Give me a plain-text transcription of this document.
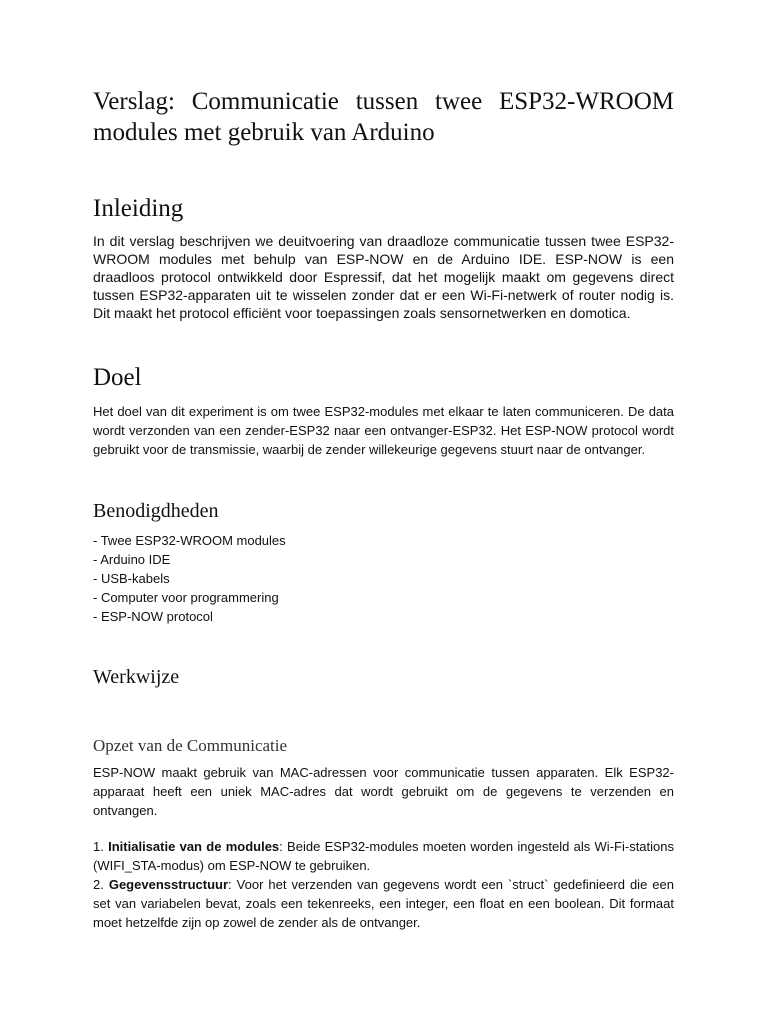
Verslag: Communicatie tussen twee ESP32-WROOM
modules met gebruik van Arduino
Inleiding

In dit verslag beschrijven we deuitvoering van draadloze communicatie tussen twee ESP32-WROOM modules met behulp van ESP-NOW en de Arduino IDE. ESP-NOW is een draadloos protocol ontwikkeld door Espressif, dat het mogelijk maakt om gegevens direct tussen ESP32-apparaten uit te wisselen zonder dat er een Wi-Fi-netwerk of router nodig is. Dit maakt het protocol efficiënt voor toepassingen zoals sensornetwerken en domotica.

Doel

Het doel van dit experiment is om twee ESP32-modules met elkaar te laten communiceren. De data wordt verzonden van een zender-ESP32 naar een ontvanger-ESP32. Het ESP-NOW protocol wordt gebruikt voor de transmissie, waarbij de zender willekeurige gegevens stuurt naar de ontvanger.

Benodigdheden
- Twee ESP32-WROOM modules
- Arduino IDE
- USB-kabels
- Computer voor programmering
- ESP-NOW protocol
Werkwijze
Opzet van de Communicatie

ESP-NOW maakt gebruik van MAC-adressen voor communicatie tussen apparaten. Elk ESP32-apparaat heeft een uniek MAC-adres dat wordt gebruikt om de gegevens te verzenden en ontvangen.

1. Initialisatie van de modules: Beide ESP32-modules moeten worden ingesteld als Wi-Fi-stations (WIFI_STA-modus) om ESP-NOW te gebruiken.
2. Gegevensstructuur: Voor het verzenden van gegevens wordt een `struct` gedefinieerd die een set van variabelen bevat, zoals een tekenreeks, een integer, een float en een boolean. Dit formaat moet hetzelfde zijn op zowel de zender als de ontvanger.
